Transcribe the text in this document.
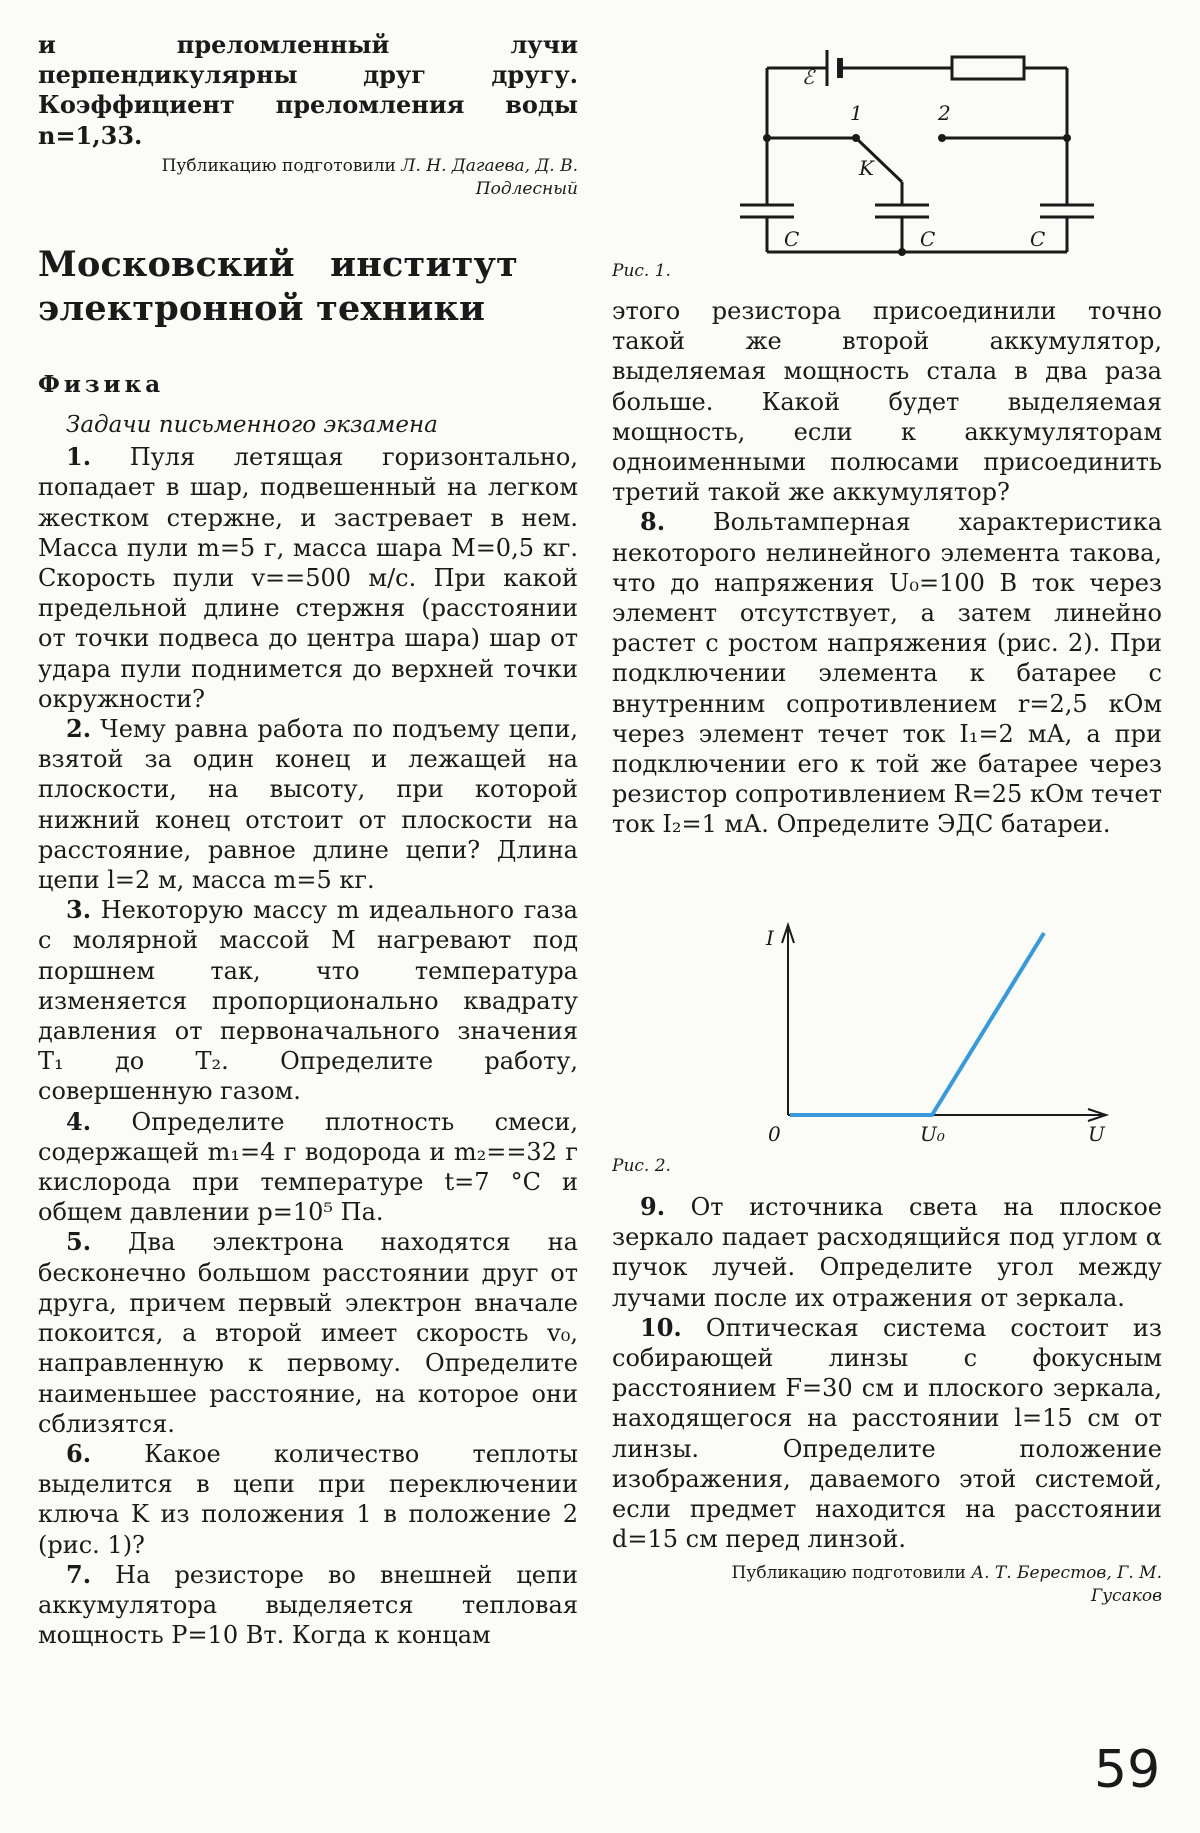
и преломленный лучи перпендикулярны друг другу. Коэффициент преломления воды n=1,33.

Публикацию подготовили Л. Н. Дагаева, Д. В. Подлесный

Московский институт электронной техники

Физика

Задачи письменного экзамена

1. Пуля летящая горизонтально, попадает в шар, подвешенный на легком жестком стержне, и застревает в нем. Масса пули m=5 г, масса шара M=0,5 кг. Скорость пули v==500 м/с. При какой предельной длине стержня (расстоянии от точки подвеса до центра шара) шар от удара пули поднимется до верхней точки окружности?

2. Чему равна работа по подъему цепи, взятой за один конец и лежащей на плоскости, на высоту, при которой нижний конец отстоит от плоскости на расстояние, равное длине цепи? Длина цепи l=2 м, масса m=5 кг.

3. Некоторую массу m идеального газа с молярной массой M нагревают под поршнем так, что температура изменяется пропорционально квадрату давления от первоначального значения T₁ до T₂. Определите работу, совершенную газом.

4. Определите плотность смеси, содержащей m₁=4 г водорода и m₂==32 г кислорода при температуре t=7 °C и общем давлении p=10⁵ Па.

5. Два электрона находятся на бесконечно большом расстоянии друг от друга, причем первый электрон вначале покоится, а второй имеет скорость v₀, направленную к первому. Определите наименьшее расстояние, на которое они сблизятся.

6. Какое количество теплоты выделится в цепи при переключении ключа K из положения 1 в положение 2 (рис. 1)?

7. На резисторе во внешней цепи аккумулятора выделяется тепловая мощность P=10 Вт. Когда к концам

ℰ
1	2
K
C	C	C
Рис. 1.

этого резистора присоединили точно такой же второй аккумулятор, выделяемая мощность стала в два раза больше. Какой будет выделяемая мощность, если к аккумуляторам одноименными полюсами присоединить третий такой же аккумулятор?

8. Вольтамперная характеристика некоторого нелинейного элемента такова, что до напряжения U₀=100 В ток через элемент отсутствует, а затем линейно растет с ростом напряжения (рис. 2). При подключении элемента к батарее с внутренним сопротивлением r=2,5 кОм через элемент течет ток I₁=2 мА, а при подключении его к той же батарее через резистор сопротивлением R=25 кОм течет ток I₂=1 мА. Определите ЭДС батареи.

I
0	U₀	U
Рис. 2.

9. От источника света на плоское зеркало падает расходящийся под углом α пучок лучей. Определите угол между лучами после их отражения от зеркала.

10. Оптическая система состоит из собирающей линзы с фокусным расстоянием F=30 см и плоского зеркала, находящегося на расстоянии l=15 см от линзы. Определите положение изображения, даваемого этой системой, если предмет находится на расстоянии d=15 см перед линзой.

Публикацию подготовили А. Т. Берестов, Г. М. Гусаков

59
